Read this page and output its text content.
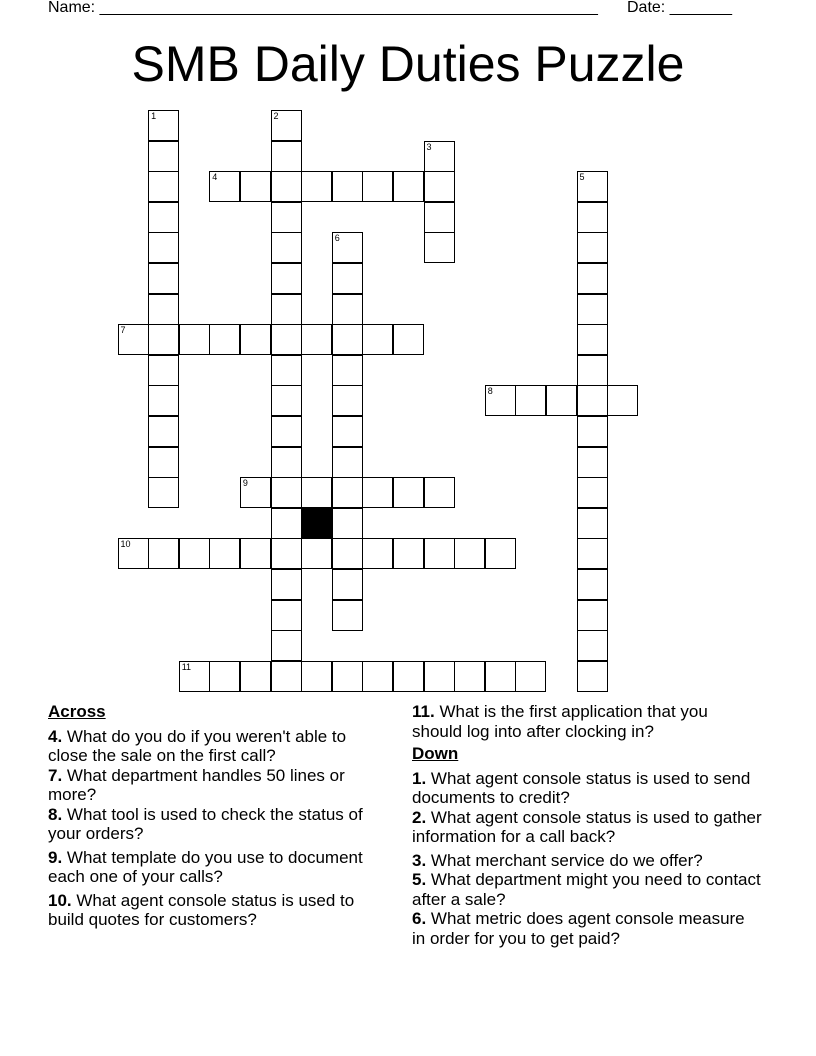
Name: ________________________________________________________ Date: _______
SMB Daily Duties Puzzle
4
7
8
9
10
11
1	2
3
5
6
Across
4. What do you do if you weren't able to close the sale on the first call?
7. What department handles 50 lines or more?
8. What tool is used to check the status of your orders?
9. What template do you use to document each one of your calls?
10. What agent console status is used to build quotes for customers?
11. What is the first application that you should log into after clocking in?
Down
1. What agent console status is used to send documents to credit?
2. What agent console status is used to gather information for a call back?
3. What merchant service do we offer?
5. What department might you need to contact after a sale?
6. What metric does agent console measure in order for you to get paid?
